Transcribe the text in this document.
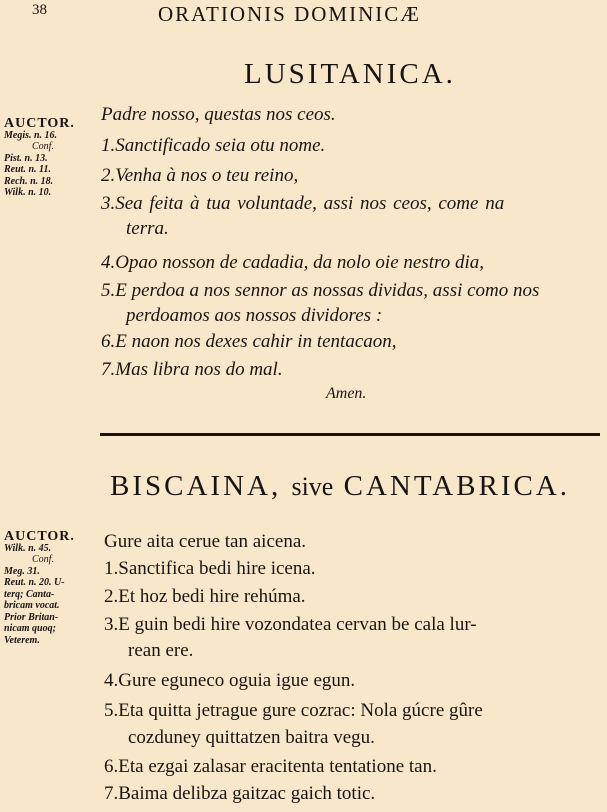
38	ORATIONIS DOMINICÆ
LUSITANICA.
AUCTOR.
Megis. n. 16.
Conf.
Pist. n. 13.
Reut. n. 11.
Rech. n. 18.
Wilk. n. 10.
Padre nosso, questas nos ceos.
1.Sanctificado seia otu nome.
2.Venha à nos o teu reino,
3.Sea feita à tua voluntade, assi nos ceos, come na
terra.
4.Opao nosson de cadadia, da nolo oie nestro dia,
5.E perdoa a nos sennor as nossas dividas, assi como nos
perdoamos aos nossos dividores :
6.E naon nos dexes cahir in tentacaon,
7.Mas libra nos do mal.
Amen.
BISCAINA, sive CANTABRICA.
AUCTOR.
Wilk. n. 45.
Conf.
Meg. 31.
Reut. n. 20. U-
terq; Canta-
bricam vocat.
Prior Britan-
nicam quoq;
Veterem.
Gure aita cerue tan aicena.
1.Sanctifica bedi hire icena.
2.Et hoz bedi hire rehúma.
3.E guin bedi hire vozondatea cervan be cala lur-
rean ere.
4.Gure eguneco oguia igue egun.
5.Eta quitta jetrague gure cozrac: Nola gúcre gûre
cozduney quittatzen baitra vegu.
6.Eta ezgai zalasar eracitenta tentatione tan.
7.Baima delibza gaitzac gaich totic.
